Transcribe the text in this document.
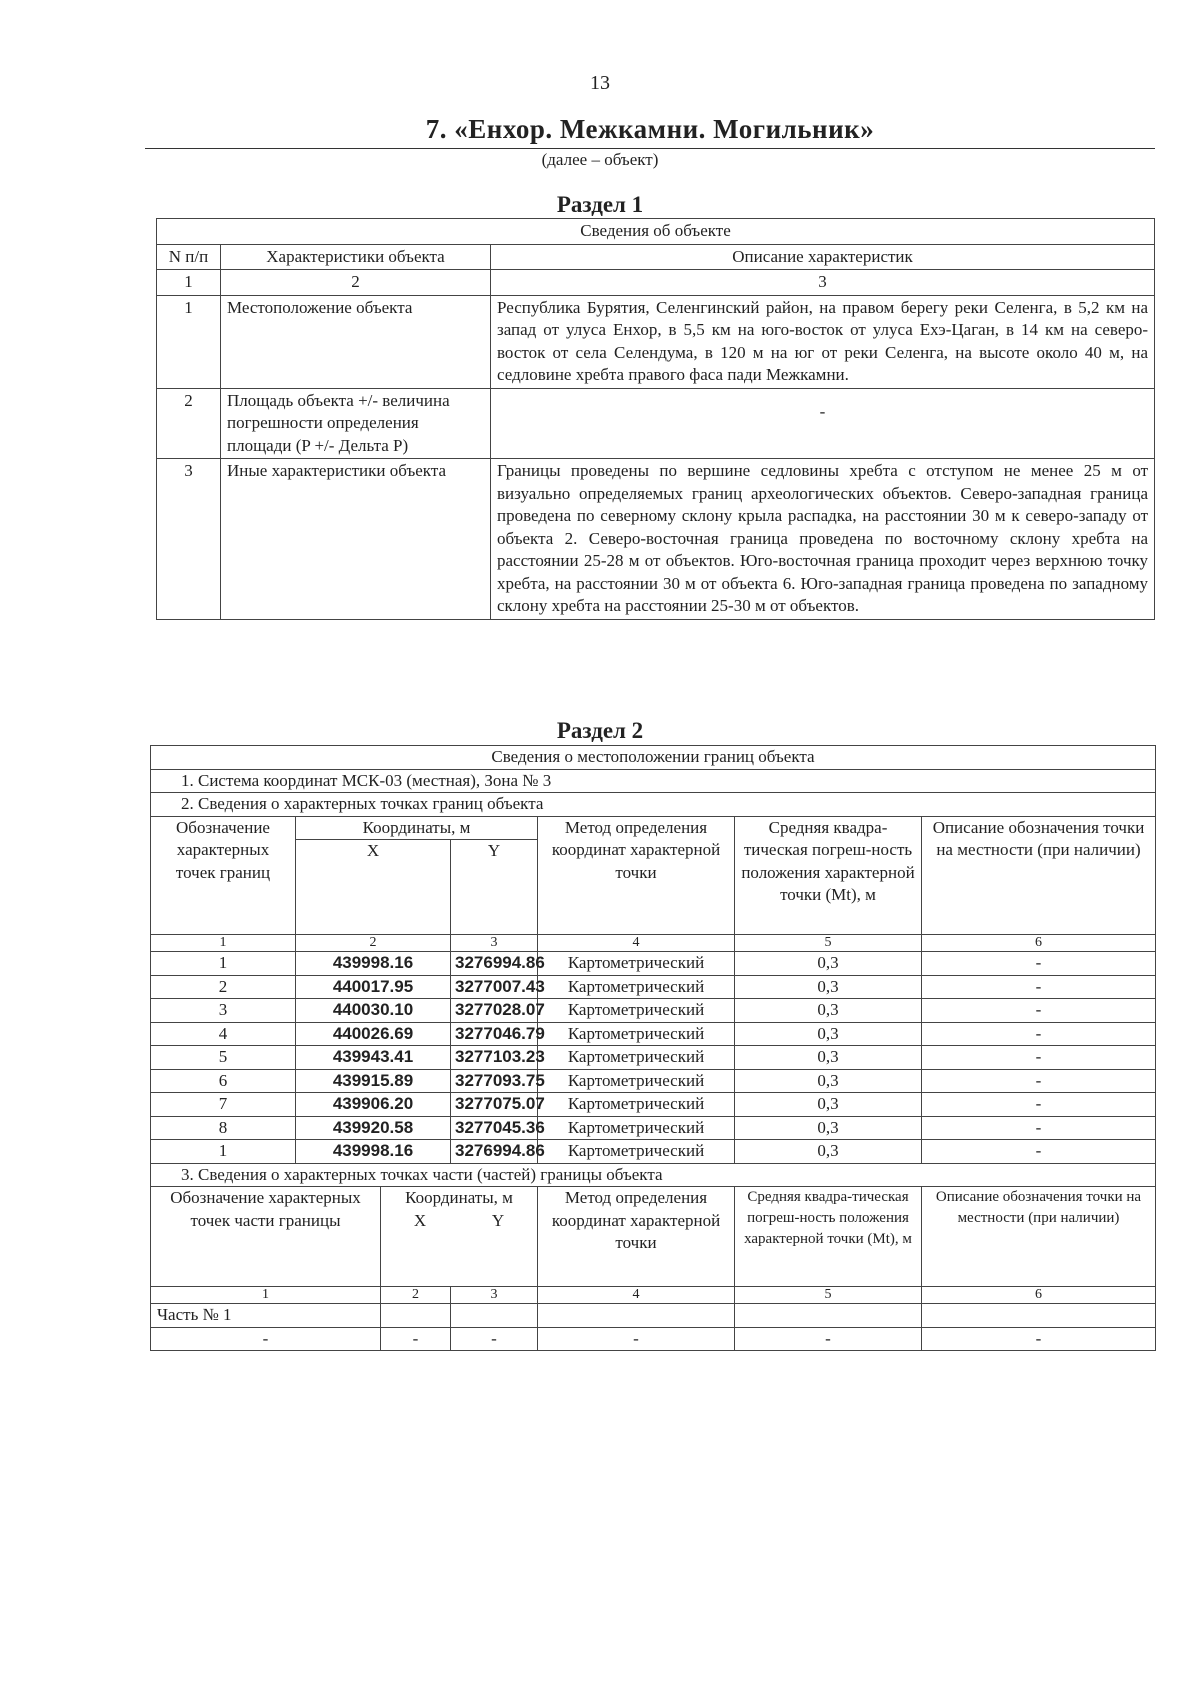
13
7. «Енхор. Межкамни. Могильник»
(далее – объект)
Раздел 1
Сведения об объекте		
N п/п	Характеристики объекта	Описание характеристик
1	2	3
1	Местоположение объекта	Республика Бурятия, Селенгинский район, на правом берегу реки Селенга, в 5,2 км на запад от улуса Енхор, в 5,5 км на юго-восток от улуса Ехэ-Цаган, в 14 км на северо-восток от села Селендума, в 120 м на юг от реки Селенга, на высоте около 40 м, на седловине хребта правого фаса пади Межкамни.
2	Площадь объекта +/- величина погрешности определения площади (P +/- Дельта P)	-
3	Иные характеристики объекта	Границы проведены по вершине седловины хребта с отступом не менее 25 м от визуально определяемых границ археологических объектов. Северо-западная граница проведена по северному склону крыла распадка, на расстоянии 30 м к северо-западу от объекта 2. Северо-восточная граница проведена по восточному склону хребта на расстоянии 25-28 м от объектов. Юго-восточная граница проходит через верхнюю точку хребта, на расстоянии 30 м от объекта 6. Юго-западная граница проведена по западному склону хребта на расстоянии 25-30 м от объектов.
Раздел 2
Сведения о местоположении границ объекта						
1. Система координат МСК-03 (местная), Зона № 3						
2. Сведения о характерных точках границ объекта						
Обозначение характерных точек границ	Координаты, м			Метод определения координат характерной точки	Средняя квадра-тическая погреш-ность положения характерной точки (Mt), м	Описание обозначения точки на местности (при наличии)
	X		Y			
1	2		3	4	5	6
1	439998.16		3276994.86	Картометрический	0,3	-
2	440017.95		3277007.43	Картометрический	0,3	-
3	440030.10		3277028.07	Картометрический	0,3	-
4	440026.69		3277046.79	Картометрический	0,3	-
5	439943.41		3277103.23	Картометрический	0,3	-
6	439915.89		3277093.75	Картометрический	0,3	-
7	439906.20		3277075.07	Картометрический	0,3	-
8	439920.58		3277045.36	Картометрический	0,3	-
1	439998.16		3276994.86	Картометрический	0,3	-
3. Сведения о характерных точках части (частей) границы объекта						
Обозначение характерных точек части границы		Координаты, м
X Y		Метод определения координат характерной точки	Средняя квадра-тическая погреш-ность положения характерной точки (Mt), м	Описание обозначения точки на местности (при наличии)
1		2	3	4	5	6
Часть № 1						
-		-	-	-	-	-
